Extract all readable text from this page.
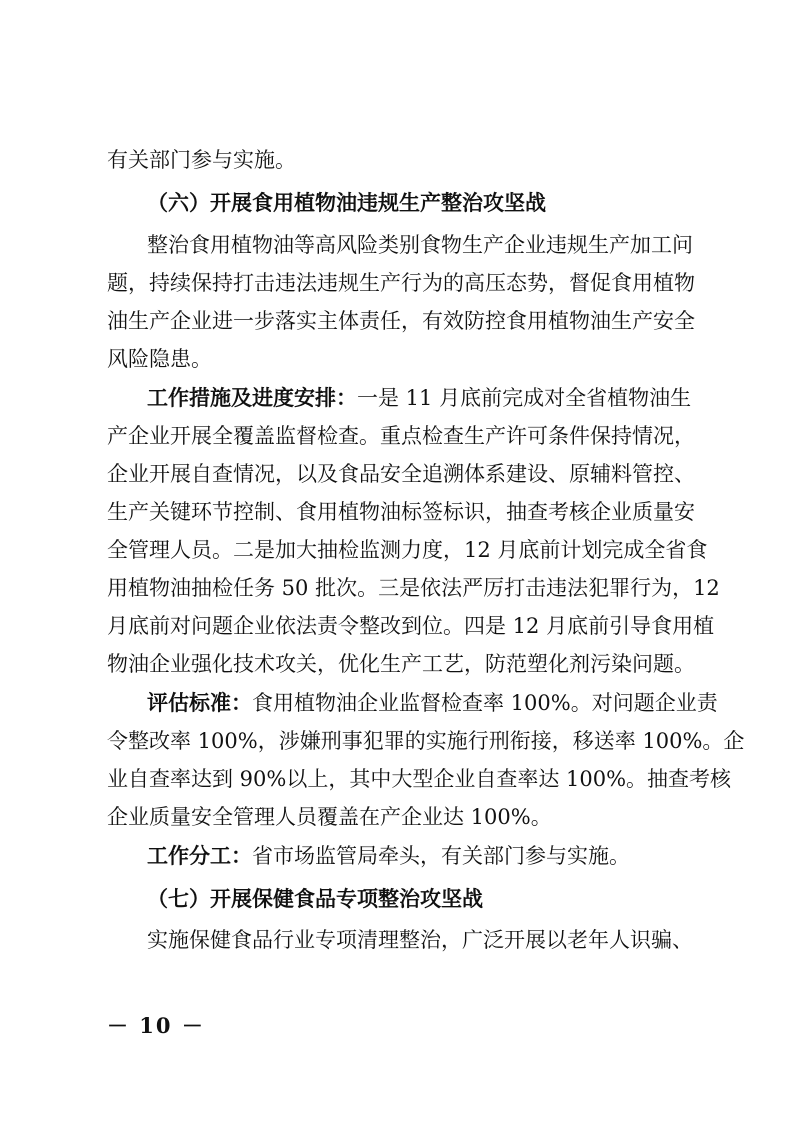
有关部门参与实施。
（六）开展食用植物油违规生产整治攻坚战
整治食用植物油等高风险类别食物生产企业违规生产加工问
题，持续保持打击违法违规生产行为的高压态势，督促食用植物
油生产企业进一步落实主体责任，有效防控食用植物油生产安全
风险隐患。
工作措施及进度安排：一是 11 月底前完成对全省植物油生
产企业开展全覆盖监督检查。重点检查生产许可条件保持情况，
企业开展自查情况，以及食品安全追溯体系建设、原辅料管控、
生产关键环节控制、食用植物油标签标识，抽查考核企业质量安
全管理人员。二是加大抽检监测力度，12 月底前计划完成全省食
用植物油抽检任务 50 批次。三是依法严厉打击违法犯罪行为，12
月底前对问题企业依法责令整改到位。四是 12 月底前引导食用植
物油企业强化技术攻关，优化生产工艺，防范塑化剂污染问题。
评估标准：食用植物油企业监督检查率 100%。对问题企业责
令整改率 100%，涉嫌刑事犯罪的实施行刑衔接，移送率 100%。企
业自查率达到 90%以上，其中大型企业自查率达 100%。抽查考核
企业质量安全管理人员覆盖在产企业达 100%。
工作分工：省市场监管局牵头，有关部门参与实施。
（七）开展保健食品专项整治攻坚战
实施保健食品行业专项清理整治，广泛开展以老年人识骗、
－ 10 －
